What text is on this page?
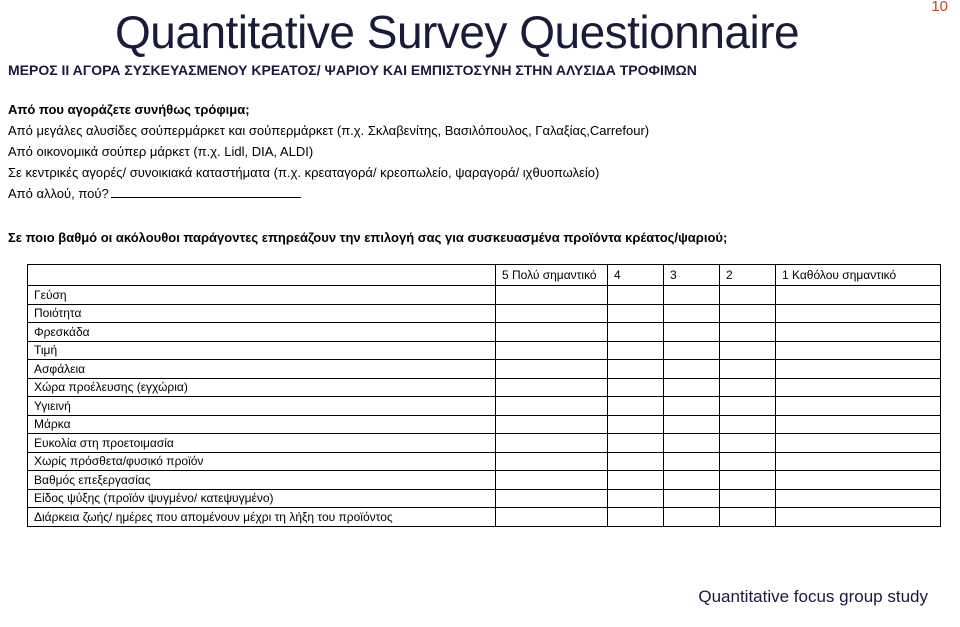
Quantitative Survey Questionnaire	10
ΜΕΡΟΣ ΙΙ ΑΓΟΡΑ ΣΥΣΚΕΥΑΣΜΕΝΟΥ ΚΡΕΑΤΟΣ/ ΨΑΡΙΟΥ ΚΑΙ ΕΜΠΙΣΤΟΣΥΝΗ ΣΤΗΝ ΑΛΥΣΙΔΑ ΤΡΟΦΙΜΩΝ
Από που αγοράζετε συνήθως τρόφιμα;
Από μεγάλες αλυσίδες σούπερμάρκετ και σούπερμάρκετ (π.χ. Σκλαβενίτης, Βασιλόπουλος, Γαλαξίας,Carrefour)
Από οικονομικά σούπερ μάρκετ (π.χ. Lidl, DIA, ALDI)
Σε κεντρικές αγορές/ συνοικιακά καταστήματα (π.χ. κρεαταγορά/ κρεοπωλείο, ψαραγορά/ ιχθυοπωλείο)
Από αλλού, πού?
Σε ποιο βαθμό οι ακόλουθοι παράγοντες επηρεάζουν την επιλογή σας για συσκευασμένα προϊόντα κρέατος/ψαριού;
	5 Πολύ σημαντικό	4	3	2	1 Καθόλου σημαντικό
Γεύση					
Ποιότητα					
Φρεσκάδα					
Τιμή					
Ασφάλεια					
Χώρα προέλευσης (εγχώρια)					
Υγιεινή					
Μάρκα					
Ευκολία στη προετοιμασία					
Χωρίς πρόσθετα/φυσικό προϊόν					
Βαθμός επεξεργασίας					
Είδος ψύξης (προϊόν ψυγμένο/ κατεψυγμένο)					
Διάρκεια ζωής/ ημέρες που απομένουν μέχρι τη λήξη του προϊόντος					
Quantitative focus group study
